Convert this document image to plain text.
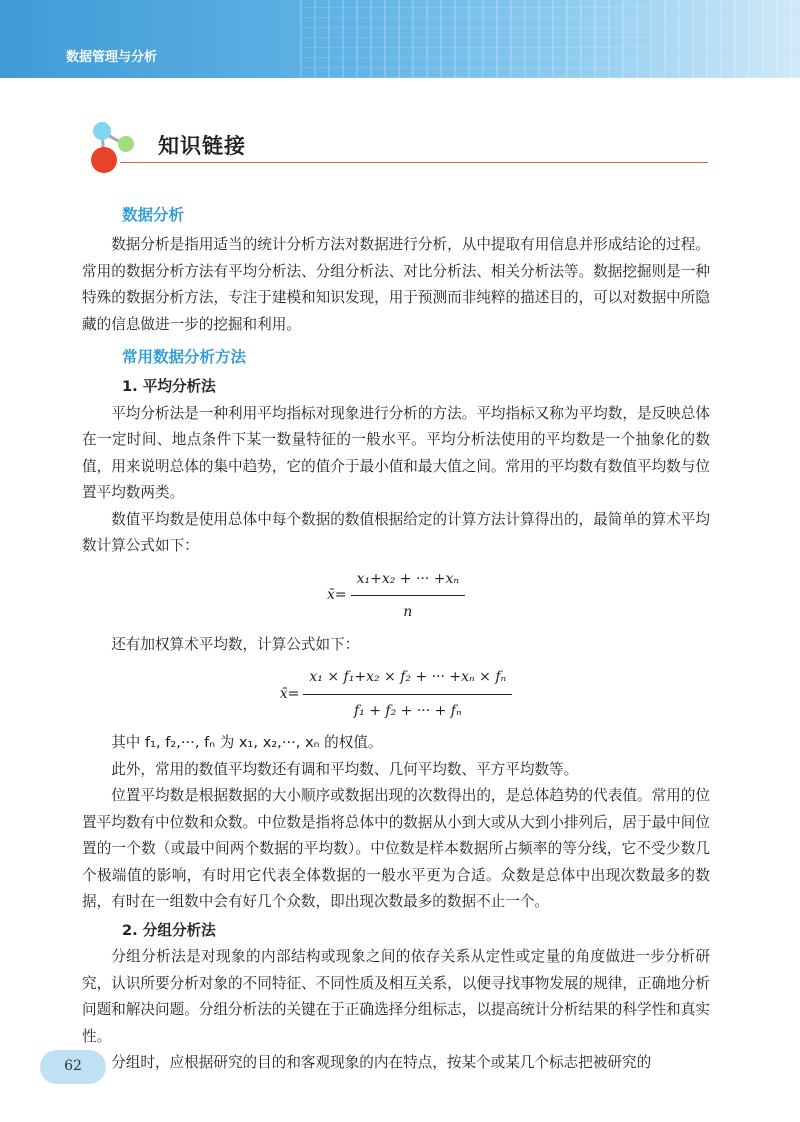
数据管理与分析
知识链接
数据分析

数据分析是指用适当的统计分析方法对数据进行分析，从中提取有用信息并形成结论的过程。常用的数据分析方法有平均分析法、分组分析法、对比分析法、相关分析法等。数据挖掘则是一种特殊的数据分析方法，专注于建模和知识发现，用于预测而非纯粹的描述目的，可以对数据中所隐藏的信息做进一步的挖掘和利用。

常用数据分析方法
1. 平均分析法

平均分析法是一种利用平均指标对现象进行分析的方法。平均指标又称为平均数，是反映总体在一定时间、地点条件下某一数量特征的一般水平。平均分析法使用的平均数是一个抽象化的数值，用来说明总体的集中趋势，它的值介于最小值和最大值之间。常用的平均数有数值平均数与位置平均数两类。

数值平均数是使用总体中每个数据的数值根据给定的计算方法计算得出的，最简单的算术平均数计算公式如下：

x̄= $\frac{\text{x₁+x₂ + ··· +xₙ}}{n}$

还有加权算术平均数，计算公式如下：

x̄= $\frac{\text{x₁ × f₁+x₂ × f₂ + ··· +xₙ × fₙ}}{\text{f₁ + f₂ + ··· + fₙ}}$

其中 f₁, f₂,···, fₙ 为 x₁, x₂,···, xₙ 的权值。

此外，常用的数值平均数还有调和平均数、几何平均数、平方平均数等。

位置平均数是根据数据的大小顺序或数据出现的次数得出的，是总体趋势的代表值。常用的位置平均数有中位数和众数。中位数是指将总体中的数据从小到大或从大到小排列后，居于最中间位置的一个数（或最中间两个数据的平均数）。中位数是样本数据所占频率的等分线，它不受少数几个极端值的影响，有时用它代表全体数据的一般水平更为合适。众数是总体中出现次数最多的数据，有时在一组数中会有好几个众数，即出现次数最多的数据不止一个。

2. 分组分析法

分组分析法是对现象的内部结构或现象之间的依存关系从定性或定量的角度做进一步分析研究，认识所要分析对象的不同特征、不同性质及相互关系，以便寻找事物发展的规律，正确地分析问题和解决问题。分组分析法的关键在于正确选择分组标志，以提高统计分析结果的科学性和真实性。

分组时，应根据研究的目的和客观现象的内在特点，按某个或某几个标志把被研究的

62
